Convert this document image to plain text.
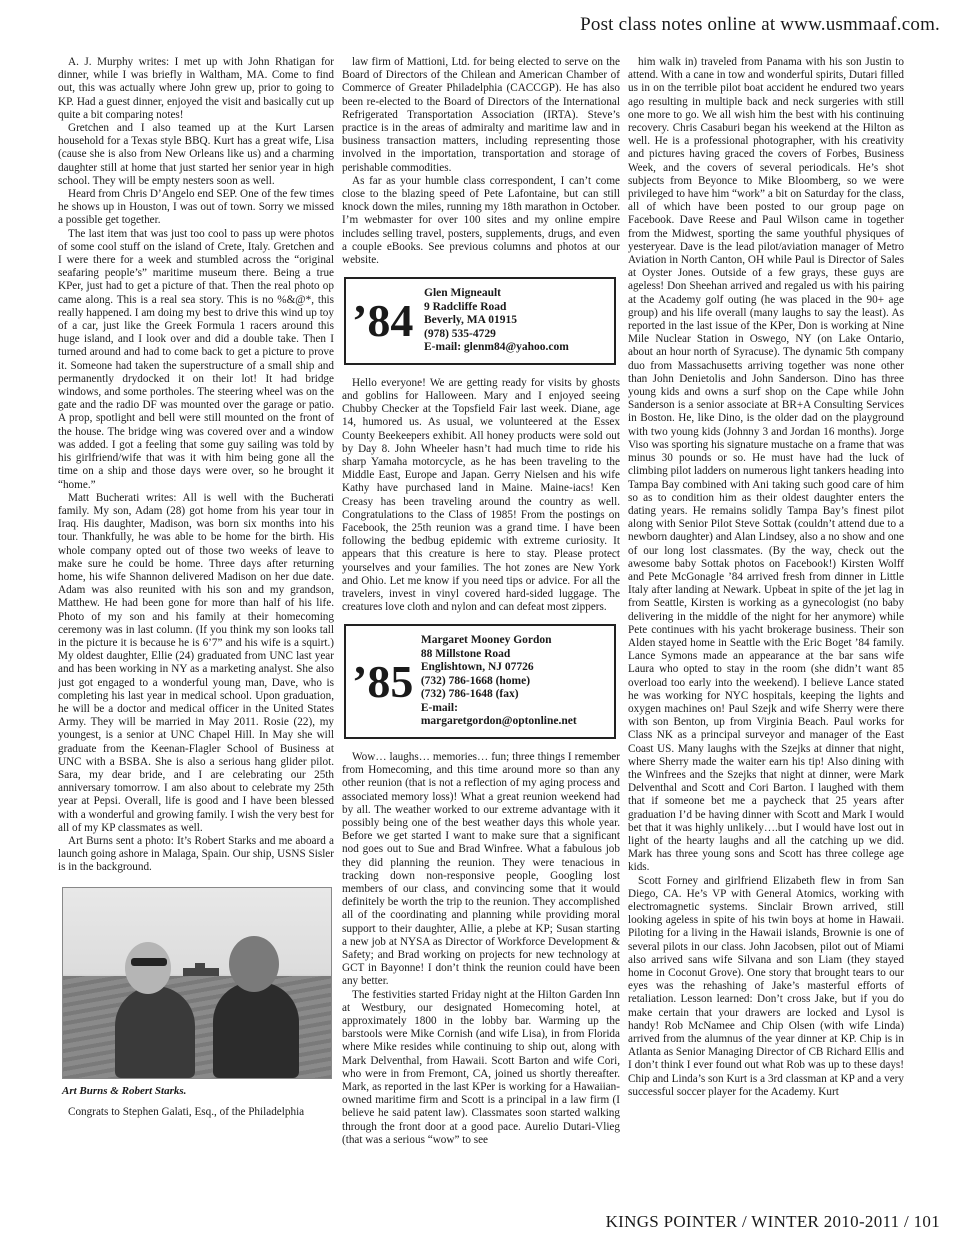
Post class notes online at www.usmmaaf.com.

A. J. Murphy writes: I met up with John Rhatigan for dinner, while I was briefly in Waltham, MA. Come to find out, this was actually where John grew up, prior to going to KP. Had a guest dinner, enjoyed the visit and basically cut up quite a bit comparing notes!

Gretchen and I also teamed up at the Kurt Larsen household for a Texas style BBQ. Kurt has a great wife, Lisa (cause she is also from New Orleans like us) and a charming daughter still at home that just started her senior year in high school. They will be empty nesters soon as well.

Heard from Chris D’Angelo end SEP. One of the few times he shows up in Houston, I was out of town. Sorry we missed a possible get together.

The last item that was just too cool to pass up were photos of some cool stuff on the island of Crete, Italy. Gretchen and I were there for a week and stumbled across the “original seafaring people’s” maritime museum there. Being a true KPer, just had to get a picture of that. Then the real photo op came along. This is a real sea story. This is no %&@*, this really happened. I am doing my best to drive this wind up toy of a car, just like the Greek Formula 1 racers around this huge island, and I look over and did a double take. Then I turned around and had to come back to get a picture to prove it. Someone had taken the superstructure of a small ship and permanently drydocked it on their lot! It had bridge windows, and some portholes. The steering wheel was on the gate and the radio DF was mounted over the garage or patio. A prop, spotlight and bell were still mounted on the front of the house. The bridge wing was covered over and a window was added. I got a feeling that some guy sailing was told by his girlfriend/wife that was it with him being gone all the time on a ship and those days were over, so he brought it “home.”

Matt Bucherati writes: All is well with the Bucherati family. My son, Adam (28) got home from his year tour in Iraq. His daughter, Madison, was born six months into his tour. Thankfully, he was able to be home for the birth. His whole company opted out of those two weeks of leave to make sure he could be home. Three days after returning home, his wife Shannon delivered Madison on her due date. Adam was also reunited with his son and my grandson, Matthew. He had been gone for more than half of his life. Photo of my son and his family at their homecoming ceremony was in last column. (If you think my son looks tall in the picture it is because he is 6’7” and his wife is a squirt.) My oldest daughter, Ellie (24) graduated from UNC last year and has been working in NY as a marketing analyst. She also just got engaged to a wonderful young man, Dave, who is completing his last year in medical school. Upon graduation, he will be a doctor and medical officer in the United States Army. They will be married in May 2011. Rosie (22), my youngest, is a senior at UNC Chapel Hill. In May she will graduate from the Keenan-Flagler School of Business at UNC with a BSBA. She is also a serious hang glider pilot. Sara, my dear bride, and I are celebrating our 25th anniversary tomorrow. I am also about to celebrate my 25th year at Pepsi. Overall, life is good and I have been blessed with a wonderful and growing family. I wish the very best for all of my KP classmates as well.

Art Burns sent a photo: It’s Robert Starks and me aboard a launch going ashore in Malaga, Spain. Our ship, USNS Sisler is in the background.

Art Burns & Robert Starks.

Congrats to Stephen Galati, Esq., of the Philadelphia

law firm of Mattioni, Ltd. for being elected to serve on the Board of Directors of the Chilean and American Chamber of Commerce of Greater Philadelphia (CACCGP). He has also been re-elected to the Board of Directors of the International Refrigerated Transportation Association (IRTA). Steve’s practice is in the areas of admiralty and maritime law and in business transaction matters, including representing those involved in the importation, transportation and storage of perishable commodities.

As far as your humble class correspondent, I can’t come close to the blazing speed of Pete Lafontaine, but can still knock down the miles, running my 18th marathon in October. I’m webmaster for over 100 sites and my online empire includes selling travel, posters, supplements, drugs, and even a couple eBooks. See previous columns and photos at our website.

’84
Glen Migneault
9 Radcliffe Road
Beverly, MA 01915
(978) 535-4729
E-mail: glenm84@yahoo.com

Hello everyone! We are getting ready for visits by ghosts and goblins for Halloween. Mary and I enjoyed seeing Chubby Checker at the Topsfield Fair last week. Diane, age 14, humored us. As usual, we volunteered at the Essex County Beekeepers exhibit. All honey products were sold out by Day 8. John Wheeler hasn’t had much time to ride his sharp Yamaha motorcycle, as he has been traveling to the Middle East, Europe and Japan. Gerry Nielsen and his wife Kathy have purchased land in Maine. Maine-iacs! Ken Creasy has been traveling around the country as well. Congratulations to the Class of 1985! From the postings on Facebook, the 25th reunion was a grand time. I have been following the bedbug epidemic with extreme curiosity. It appears that this creature is here to stay. Please protect yourselves and your families. The hot zones are New York and Ohio. Let me know if you need tips or advice. For all the travelers, invest in vinyl covered hard-sided luggage. The creatures love cloth and nylon and can defeat most zippers.

’85
Margaret Mooney Gordon
88 Millstone Road
Englishtown, NJ 07726
(732) 786-1668 (home)
(732) 786-1648 (fax)
E-mail: margaretgordon@optonline.net

Wow… laughs… memories… fun; three things I remember from Homecoming, and this time around more so than any other reunion (that is not a reflection of my aging process and associated memory loss)! What a great reunion weekend had by all. The weather worked to our extreme advantage with it possibly being one of the best weather days this whole year. Before we get started I want to make sure that a significant nod goes out to Sue and Brad Winfree. What a fabulous job they did planning the reunion. They were tenacious in tracking down non-responsive people, Googling lost members of our class, and convincing some that it would definitely be worth the trip to the reunion. They accomplished all of the coordinating and planning while providing moral support to their daughter, Allie, a plebe at KP; Susan starting a new job at NYSA as Director of Workforce Development & Safety; and Brad working on projects for new technology at GCT in Bayonne! I don’t think the reunion could have been any better.

The festivities started Friday night at the Hilton Garden Inn at Westbury, our designated Homecoming hotel, at approximately 1800 in the lobby bar. Warming up the barstools were Mike Cornish (and wife Lisa), in from Florida where Mike resides while continuing to ship out, along with Mark Delventhal, from Hawaii. Scott Barton and wife Cori, who were in from Fremont, CA, joined us shortly thereafter. Mark, as reported in the last KPer is working for a Hawaiian-owned maritime firm and Scott is a principal in a law firm (I believe he said patent law). Classmates soon started walking through the front door at a good pace. Aurelio Dutari-Vlieg (that was a serious “wow” to see

him walk in) traveled from Panama with his son Justin to attend. With a cane in tow and wonderful spirits, Dutari filled us in on the terrible pilot boat accident he endured two years ago resulting in multiple back and neck surgeries with still one more to go. We all wish him the best with his continuing recovery. Chris Casaburi began his weekend at the Hilton as well. He is a professional photographer, with his creativity and pictures having graced the covers of Forbes, Business Week, and the covers of several periodicals. He’s shot subjects from Beyonce to Mike Bloomberg, so we were privileged to have him “work” a bit on Saturday for the class, all of which have been posted to our group page on Facebook. Dave Reese and Paul Wilson came in together from the Midwest, sporting the same youthful physiques of yesteryear. Dave is the lead pilot/aviation manager of Metro Aviation in North Canton, OH while Paul is Director of Sales at Oyster Jones. Outside of a few grays, these guys are ageless! Don Sheehan arrived and regaled us with his pairing at the Academy golf outing (he was placed in the 90+ age group) and his life overall (many laughs to say the least). As reported in the last issue of the KPer, Don is working at Nine Mile Nuclear Station in Oswego, NY (on Lake Ontario, about an hour north of Syracuse). The dynamic 5th company duo from Massachusetts arriving together was none other than John Denietolis and John Sanderson. Dino has three young kids and owns a surf shop on the Cape while John Sanderson is a senior associate at BR+A Consulting Services in Boston. He, like Dino, is the older dad on the playground with two young kids (Johnny 3 and Jordan 16 months). Jorge Viso was sporting his signature mustache on a frame that was minus 30 pounds or so. He must have had the luck of climbing pilot ladders on numerous light tankers heading into Tampa Bay combined with Ani taking such good care of him so as to condition him as their oldest daughter enters the dating years. He remains solidly Tampa Bay’s finest pilot along with Senior Pilot Steve Sottak (couldn’t attend due to a newborn daughter) and Alan Lindsey, also a no show and one of our long lost classmates. (By the way, check out the awesome baby Sottak photos on Facebook!) Kirsten Wolff and Pete McGonagle ’84 arrived fresh from dinner in Little Italy after landing at Newark. Upbeat in spite of the jet lag in from Seattle, Kirsten is working as a gynecologist (no baby delivering in the middle of the night for her anymore) while Pete continues with his yacht brokerage business. Their son Alden stayed home in Seattle with the Eric Boget ’84 family. Lance Symons made an appearance at the bar sans wife Laura who opted to stay in the room (she didn’t want 85 overload too early into the weekend). I believe Lance stated he was working for NYC hospitals, keeping the lights and oxygen machines on! Paul Szejk and wife Sherry were there with son Benton, up from Virginia Beach. Paul works for Class NK as a principal surveyor and manager of the East Coast US. Many laughs with the Szejks at dinner that night, where Sherry made the waiter earn his tip! Also dining with the Winfrees and the Szejks that night at dinner, were Mark Delventhal and Scott and Cori Barton. I laughed with them that if someone bet me a paycheck that 25 years after graduation I’d be having dinner with Scott and Mark I would bet that it was highly unlikely….but I would have lost out in light of the hearty laughs and all the catching up we did. Mark has three young sons and Scott has three college age kids.

Scott Forney and girlfriend Elizabeth flew in from San Diego, CA. He’s VP with General Atomics, working with electromagnetic systems. Sinclair Brown arrived, still looking ageless in spite of his twin boys at home in Hawaii. Piloting for a living in the Hawaii islands, Brownie is one of several pilots in our class. John Jacobsen, pilot out of Miami also arrived sans wife Silvana and son Liam (they stayed home in Coconut Grove). One story that brought tears to our eyes was the rehashing of Jake’s masterful efforts of retaliation. Lesson learned: Don’t cross Jake, but if you do make certain that your drawers are locked and Lysol is handy! Rob McNamee and Chip Olsen (with wife Linda) arrived from the alumnus of the year dinner at KP. Chip is in Atlanta as Senior Managing Director of CB Richard Ellis and I don’t think I ever found out what Rob was up to these days! Chip and Linda’s son Kurt is a 3rd classman at KP and a very successful soccer player for the Academy. Kurt

KINGS POINTER / WINTER 2010-2011 / 101
